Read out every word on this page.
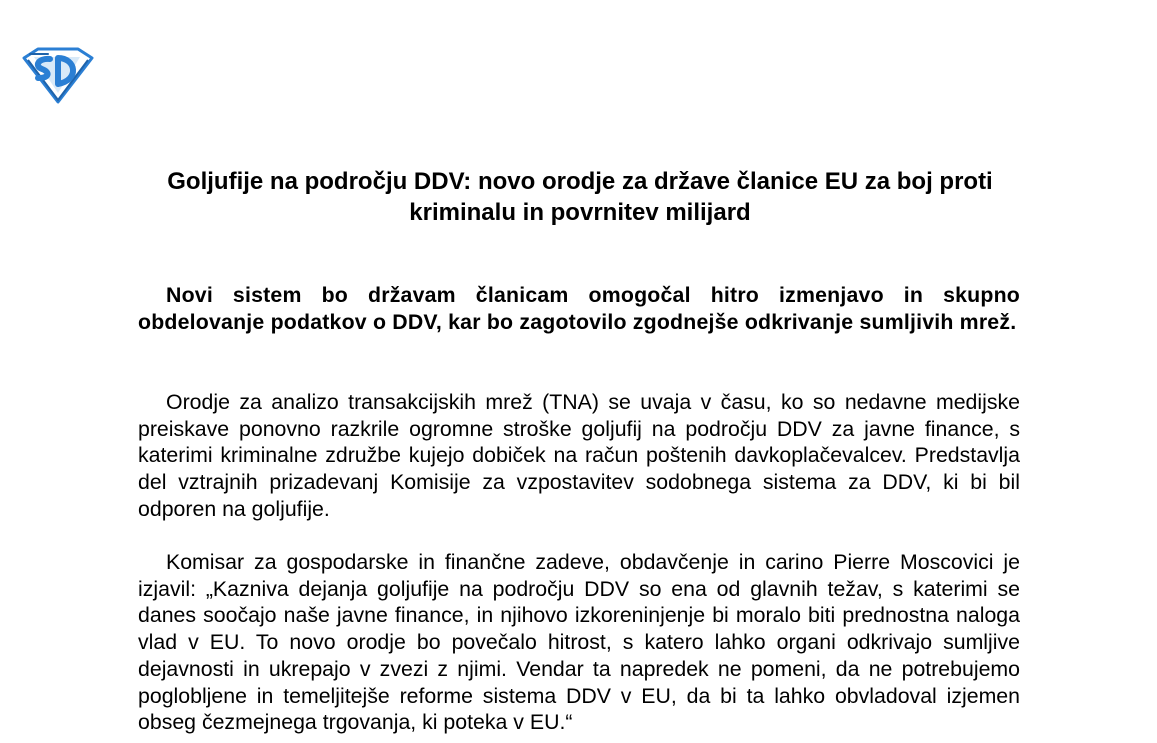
Goljufije na področju DDV: novo orodje za države članice EU za boj proti kriminalu in povrnitev milijard

Novi sistem bo državam članicam omogočal hitro izmenjavo in skupno obdelovanje podatkov o DDV, kar bo zagotovilo zgodnejše odkrivanje sumljivih mrež.

Orodje za analizo transakcijskih mrež (TNA) se uvaja v času, ko so nedavne medijske preiskave ponovno razkrile ogromne stroške goljufij na področju DDV za javne finance, s katerimi kriminalne združbe kujejo dobiček na račun poštenih davkoplačevalcev. Predstavlja del vztrajnih prizadevanj Komisije za vzpostavitev sodobnega sistema za DDV, ki bi bil odporen na goljufije.

Komisar za gospodarske in finančne zadeve, obdavčenje in carino Pierre Moscovici je izjavil: „Kazniva dejanja goljufije na področju DDV so ena od glavnih težav, s katerimi se danes soočajo naše javne finance, in njihovo izkoreninjenje bi moralo biti prednostna naloga vlad v EU. To novo orodje bo povečalo hitrost, s katero lahko organi odkrivajo sumljive dejavnosti in ukrepajo v zvezi z njimi. Vendar ta napredek ne pomeni, da ne potrebujemo poglobljene in temeljitejše reforme sistema DDV v EU, da bi ta lahko obvladoval izjemen obseg čezmejnega trgovanja, ki poteka v EU.“
